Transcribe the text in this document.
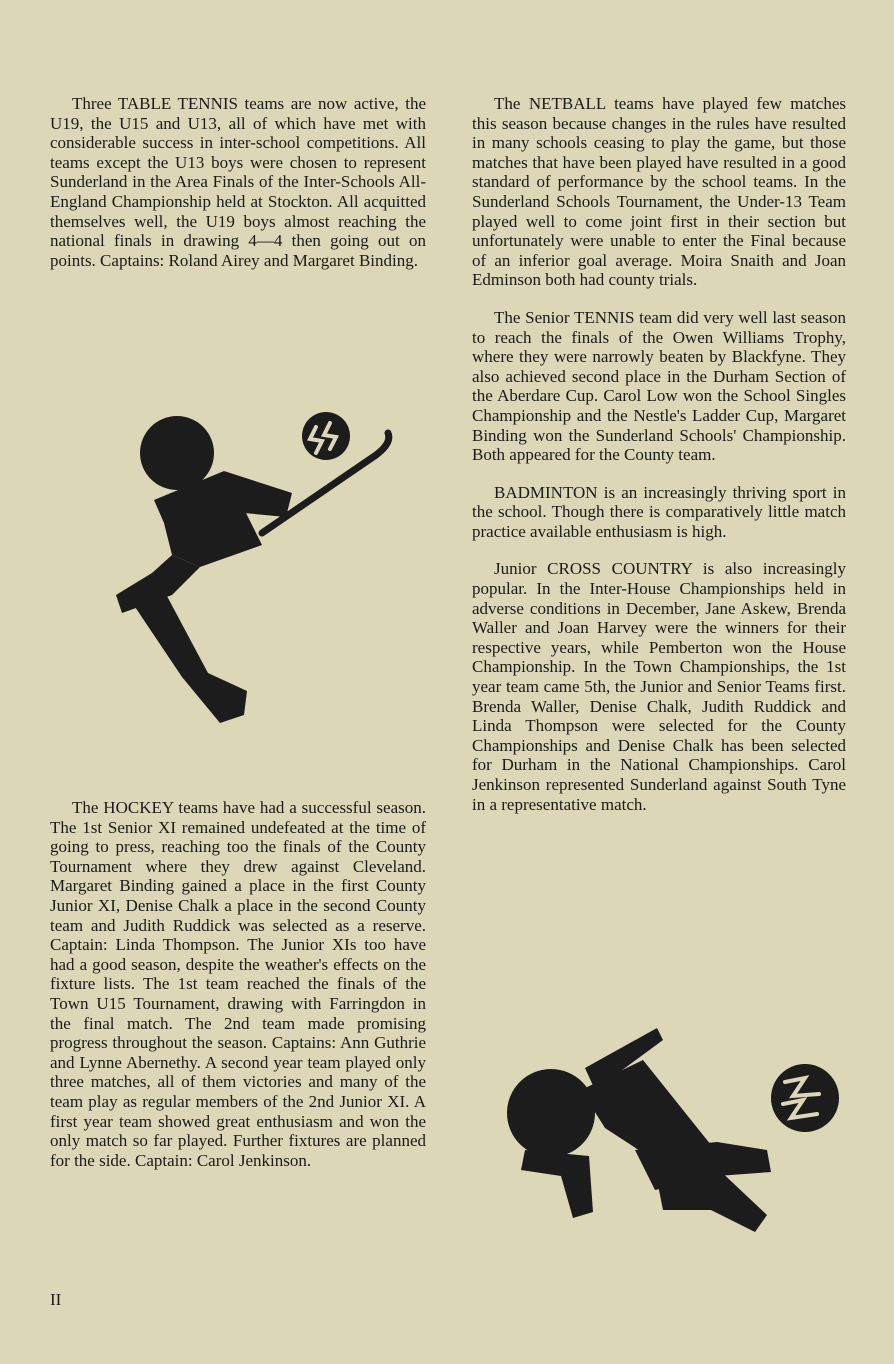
Three TABLE TENNIS teams are now active, the U19, the U15 and U13, all of which have met with considerable success in inter-school competitions. All teams except the U13 boys were chosen to represent Sunderland in the Area Finals of the Inter-Schools All-England Championship held at Stockton. All acquitted themselves well, the U19 boys almost reaching the national finals in drawing 4—4 then going out on points. Captains: Roland Airey and Margaret Binding.

The HOCKEY teams have had a successful season. The 1st Senior XI remained undefeated at the time of going to press, reaching too the finals of the County Tournament where they drew against Cleveland. Margaret Binding gained a place in the first County Junior XI, Denise Chalk a place in the second County team and Judith Ruddick was selected as a reserve. Captain: Linda Thompson. The Junior XIs too have had a good season, despite the weather's effects on the fixture lists. The 1st team reached the finals of the Town U15 Tournament, drawing with Farringdon in the final match. The 2nd team made promising progress throughout the season. Captains: Ann Guthrie and Lynne Abernethy. A second year team played only three matches, all of them victories and many of the team play as regular members of the 2nd Junior XI. A first year team showed great enthusiasm and won the only match so far played. Further fixtures are planned for the side. Captain: Carol Jenkinson.

The NETBALL teams have played few matches this season because changes in the rules have resulted in many schools ceasing to play the game, but those matches that have been played have resulted in a good standard of performance by the school teams. In the Sunderland Schools Tournament, the Under-13 Team played well to come joint first in their section but unfortunately were unable to enter the Final because of an inferior goal average. Moira Snaith and Joan Edminson both had county trials.

The Senior TENNIS team did very well last season to reach the finals of the Owen Williams Trophy, where they were narrowly beaten by Blackfyne. They also achieved second place in the Durham Section of the Aberdare Cup. Carol Low won the School Singles Championship and the Nestle's Ladder Cup, Margaret Binding won the Sunderland Schools' Championship. Both appeared for the County team.

BADMINTON is an increasingly thriving sport in the school. Though there is comparatively little match practice available enthusiasm is high.

Junior CROSS COUNTRY is also increasingly popular. In the Inter-House Championships held in adverse conditions in December, Jane Askew, Brenda Waller and Joan Harvey were the winners for their respective years, while Pemberton won the House Championship. In the Town Championships, the 1st year team came 5th, the Junior and Senior Teams first. Brenda Waller, Denise Chalk, Judith Ruddick and Linda Thompson were selected for the County Championships and Denise Chalk has been selected for Durham in the National Championships. Carol Jenkinson represented Sunderland against South Tyne in a representative match.

II
